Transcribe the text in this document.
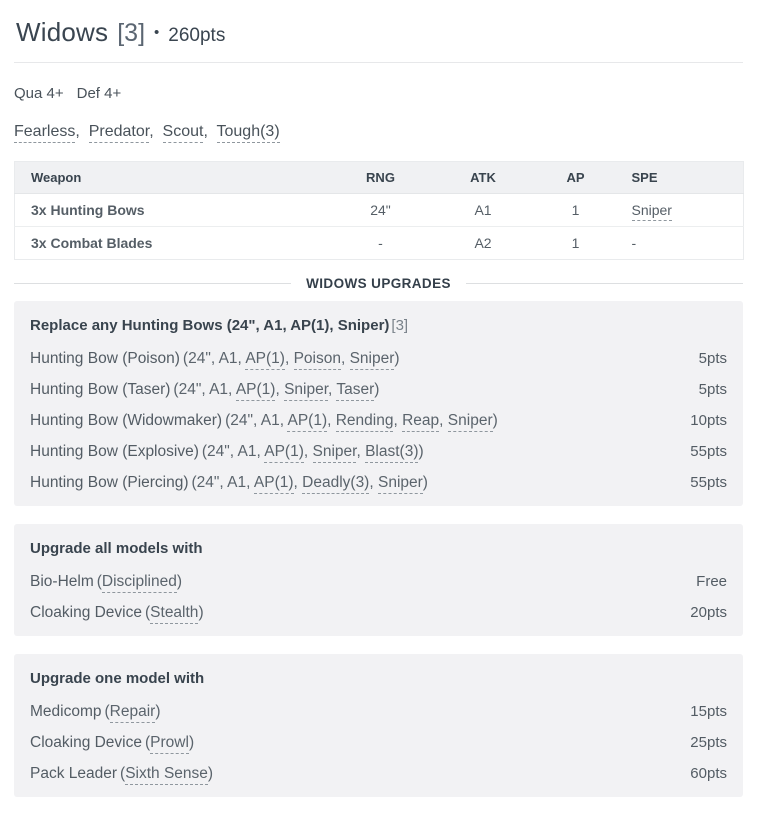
Widows [3] • 260pts
Qua 4+ Def 4+
Fearless,  Predator,  Scout,  Tough(3)
Weapon	RNG	ATK	AP	SPE
3x Hunting Bows	24"	A1	1	Sniper
3x Combat Blades	-	A2	1	-
WIDOWS UPGRADES
Replace any Hunting Bows (24", A1, AP(1), Sniper) [3]
Hunting Bow (Poison) (24", A1, AP(1), Poison, Sniper)	5pts
Hunting Bow (Taser) (24", A1, AP(1), Sniper, Taser)	5pts
Hunting Bow (Widowmaker) (24", A1, AP(1), Rending, Reap, Sniper)	10pts
Hunting Bow (Explosive) (24", A1, AP(1), Sniper, Blast(3))	55pts
Hunting Bow (Piercing) (24", A1, AP(1), Deadly(3), Sniper)	55pts
Upgrade all models with
Bio-Helm (Disciplined)	Free
Cloaking Device (Stealth)	20pts
Upgrade one model with
Medicomp (Repair)	15pts
Cloaking Device (Prowl)	25pts
Pack Leader (Sixth Sense)	60pts
